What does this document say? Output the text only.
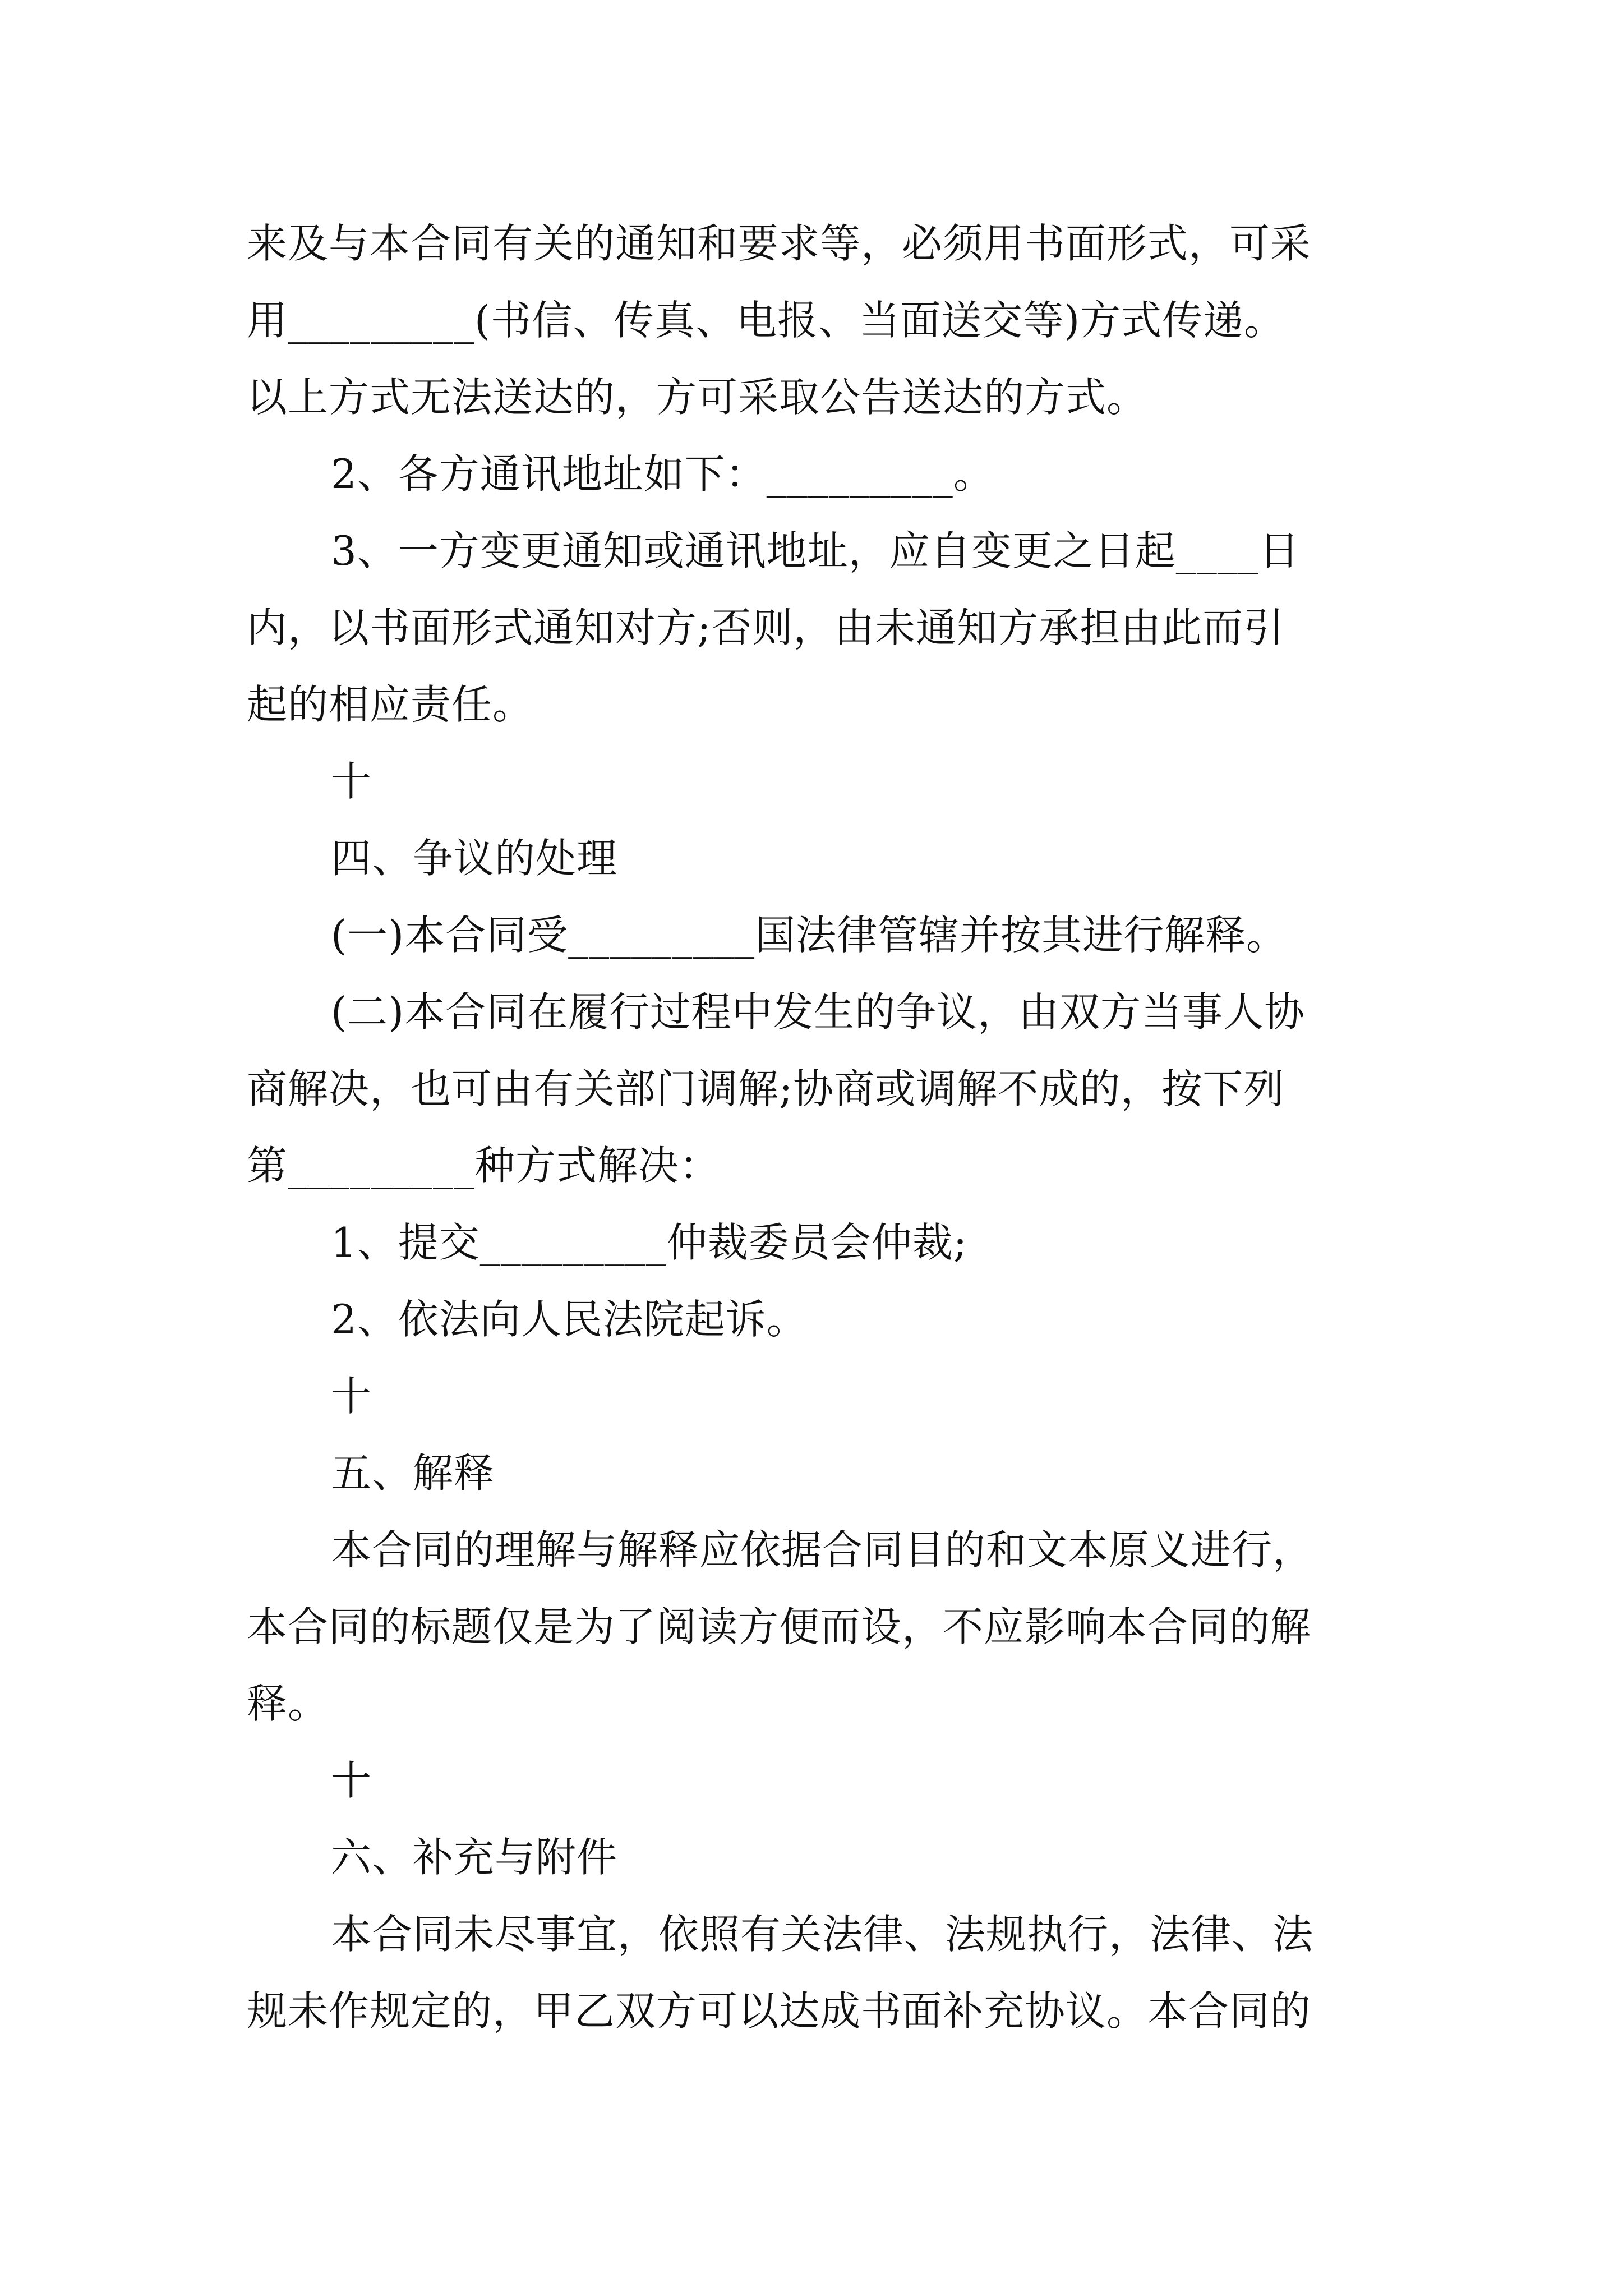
来及与本合同有关的通知和要求等，必须用书面形式，可采

用_________(书信、传真、电报、当面送交等)方式传递。

以上方式无法送达的，方可采取公告送达的方式。

2、各方通讯地址如下：_________。

3、一方变更通知或通讯地址，应自变更之日起____日

内，以书面形式通知对方;否则，由未通知方承担由此而引

起的相应责任。

十

四、争议的处理

(一)本合同受_________国法律管辖并按其进行解释。

(二)本合同在履行过程中发生的争议，由双方当事人协

商解决，也可由有关部门调解;协商或调解不成的，按下列

第_________种方式解决：

1、提交_________仲裁委员会仲裁;

2、依法向人民法院起诉。

十

五、解释

本合同的理解与解释应依据合同目的和文本原义进行，

本合同的标题仅是为了阅读方便而设，不应影响本合同的解

释。

十

六、补充与附件

本合同未尽事宜，依照有关法律、法规执行，法律、法

规未作规定的，甲乙双方可以达成书面补充协议。本合同的
